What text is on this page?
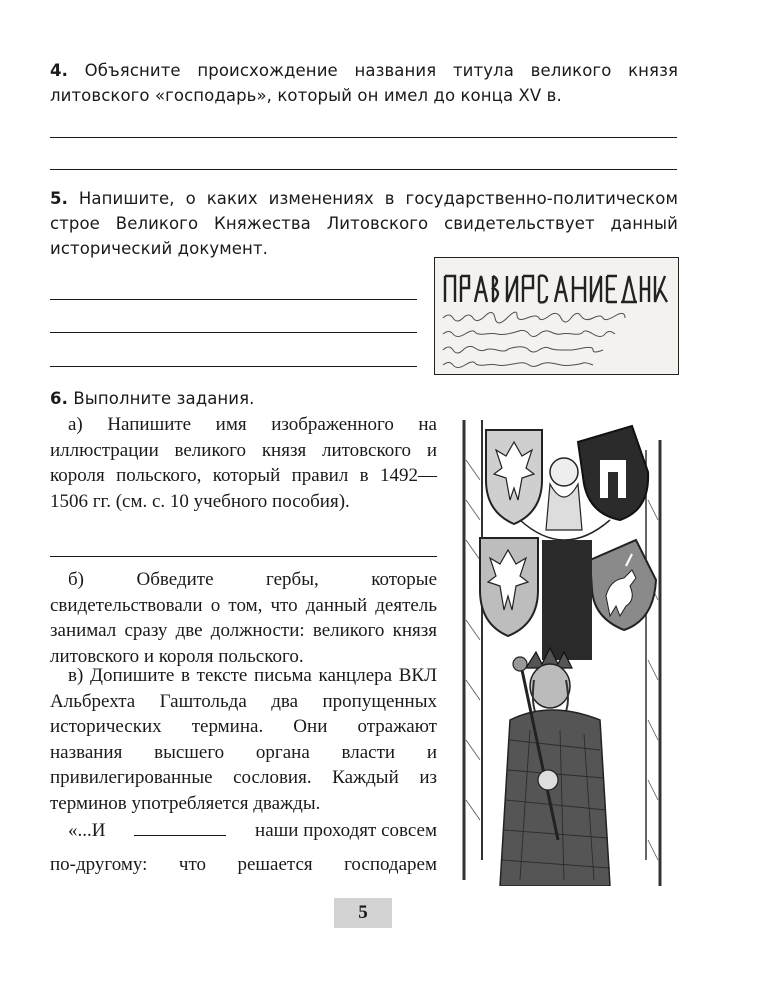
4. Объясните происхождение названия титула великого князя литовского «господарь», который он имел до конца XV в.
5. Напишите, о каких изменениях в государственно-политическом строе Великого Княжества Литовского свидетельствует данный исторический документ.
6. Выполните задания.
а) Напишите имя изображенного на иллюстрации великого князя литовского и короля польского, который правил в 1492—1506 гг. (см. с. 10 учебного пособия).
б) Обведите гербы, которые свидетельствовали о том, что данный деятель занимал сразу две должности: великого князя литовского и короля польского.
в) Допишите в тексте письма канцлера ВКЛ Альбрехта Гаштольда два пропущенных исторических термина. Они отражают названия высшего органа власти и привилегированные сословия. Каждый из терминов употребляется дважды.
«...И	наши проходят совсем
по-другому: что решается господарем
5
